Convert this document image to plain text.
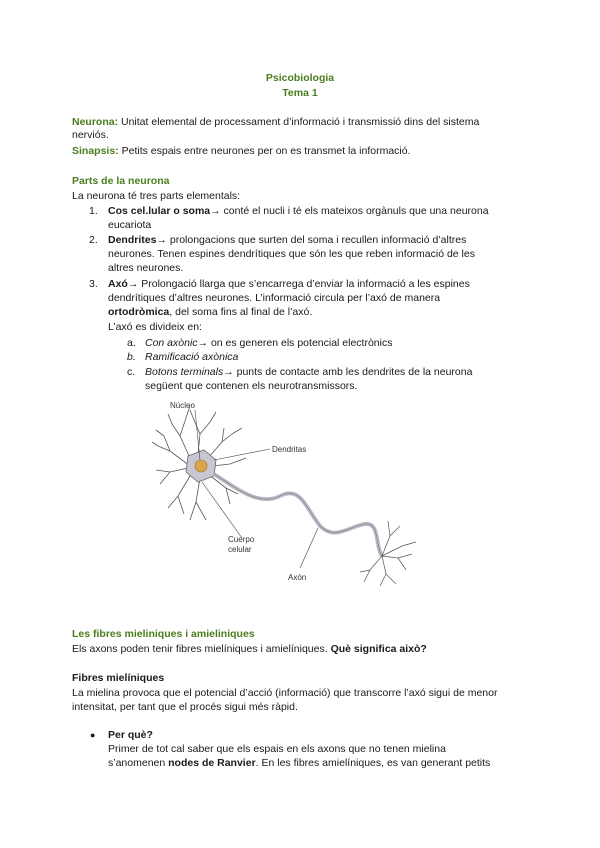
Psicobiologia
Tema 1
Neurona: Unitat elemental de processament d’informació i transmissió dins del sistema
nerviós.
Sinapsis: Petits espais entre neurones per on es transmet la informació.
Parts de la neurona
La neurona té tres parts elementals:
1. Cos cel.lular o soma→ conté el nucli i té els mateixos orgànuls que una neurona
eucariota
2. Dendrites→ prolongacions que surten del soma i recullen informació d’altres
neurones. Tenen espines dendrítiques que són les que reben informació de les
altres neurones.
3. Axó→ Prolongació llarga que s’encarrega d’enviar la informació a les espines
dendrítiques d’altres neurones. L’informació circula per l’axó de manera
ortodròmica, del soma fins al final de l’axó.
L’axó es divideix en:
a. Con axònic→ on es generen els potencial electrònics
b. Ramificació axònica
c. Botons terminals→ punts de contacte amb les dendrites de la neurona
següent que contenen els neurotransmissors.
Núcleo
Dendritas
Cuerpo
celular
Axón
Les fibres mieliniques i amieliniques
Els axons poden tenir fibres mielíniques i amielíniques. Què significa això?
Fibres mielíniques
La mielina provoca que el potencial d’acció (informació) que transcorre l’axó sigui de menor
intensitat, per tant que el procés sigui més ràpid.
● Per què?
Primer de tot cal saber que els espais en els axons que no tenen mielina
s’anomenen nodes de Ranvier. En les fibres amielíniques, es van generant petits
